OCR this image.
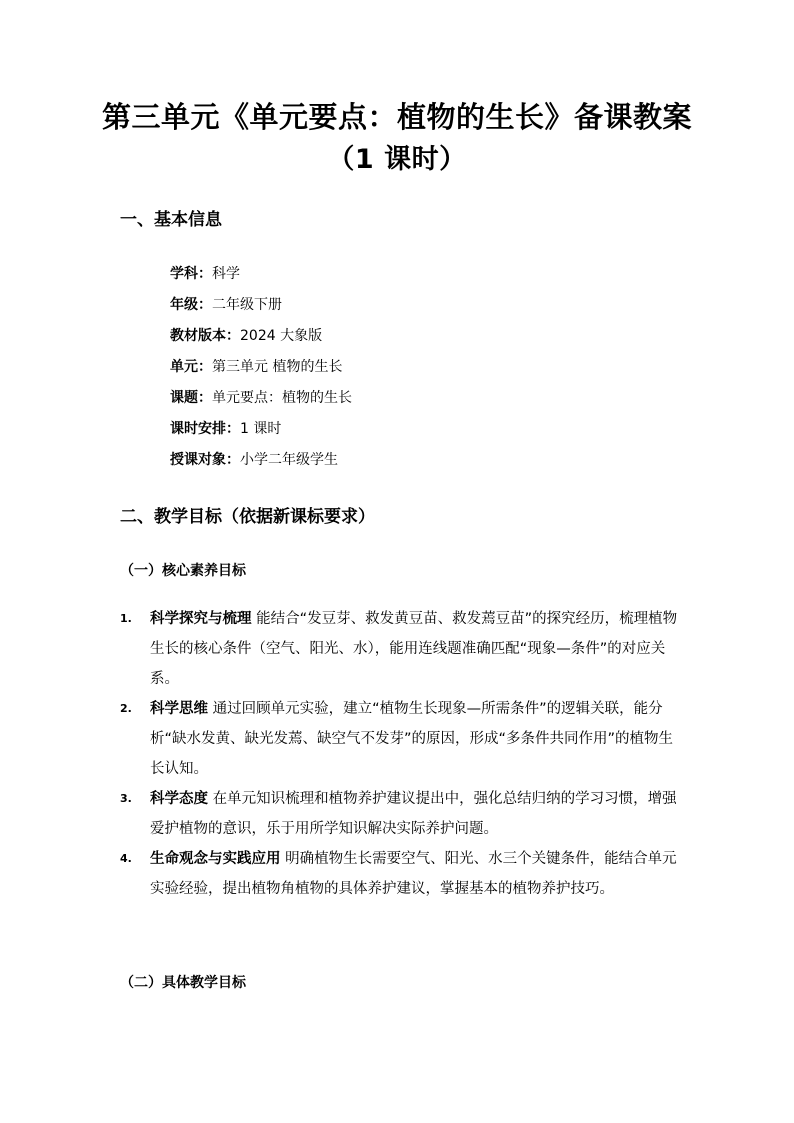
第三单元《单元要点：植物的生长》备课教案
（1 课时）
一、基本信息
学科：科学
年级：二年级下册
教材版本：2024 大象版
单元：第三单元 植物的生长
课题：单元要点：植物的生长
课时安排：1 课时
授课对象：小学二年级学生
二、教学目标（依据新课标要求）
（一）核心素养目标
1. 科学探究与梳理 能结合“发豆芽、救发黄豆苗、救发蔫豆苗”的探究经历，梳理植物生长的核心条件（空气、阳光、水），能用连线题准确匹配“现象—条件”的对应关系。
2. 科学思维 通过回顾单元实验，建立“植物生长现象—所需条件”的逻辑关联，能分析“缺水发黄、缺光发蔫、缺空气不发芽”的原因，形成“多条件共同作用”的植物生长认知。
3. 科学态度 在单元知识梳理和植物养护建议提出中，强化总结归纳的学习习惯，增强爱护植物的意识，乐于用所学知识解决实际养护问题。
4. 生命观念与实践应用 明确植物生长需要空气、阳光、水三个关键条件，能结合单元实验经验，提出植物角植物的具体养护建议，掌握基本的植物养护技巧。
（二）具体教学目标
